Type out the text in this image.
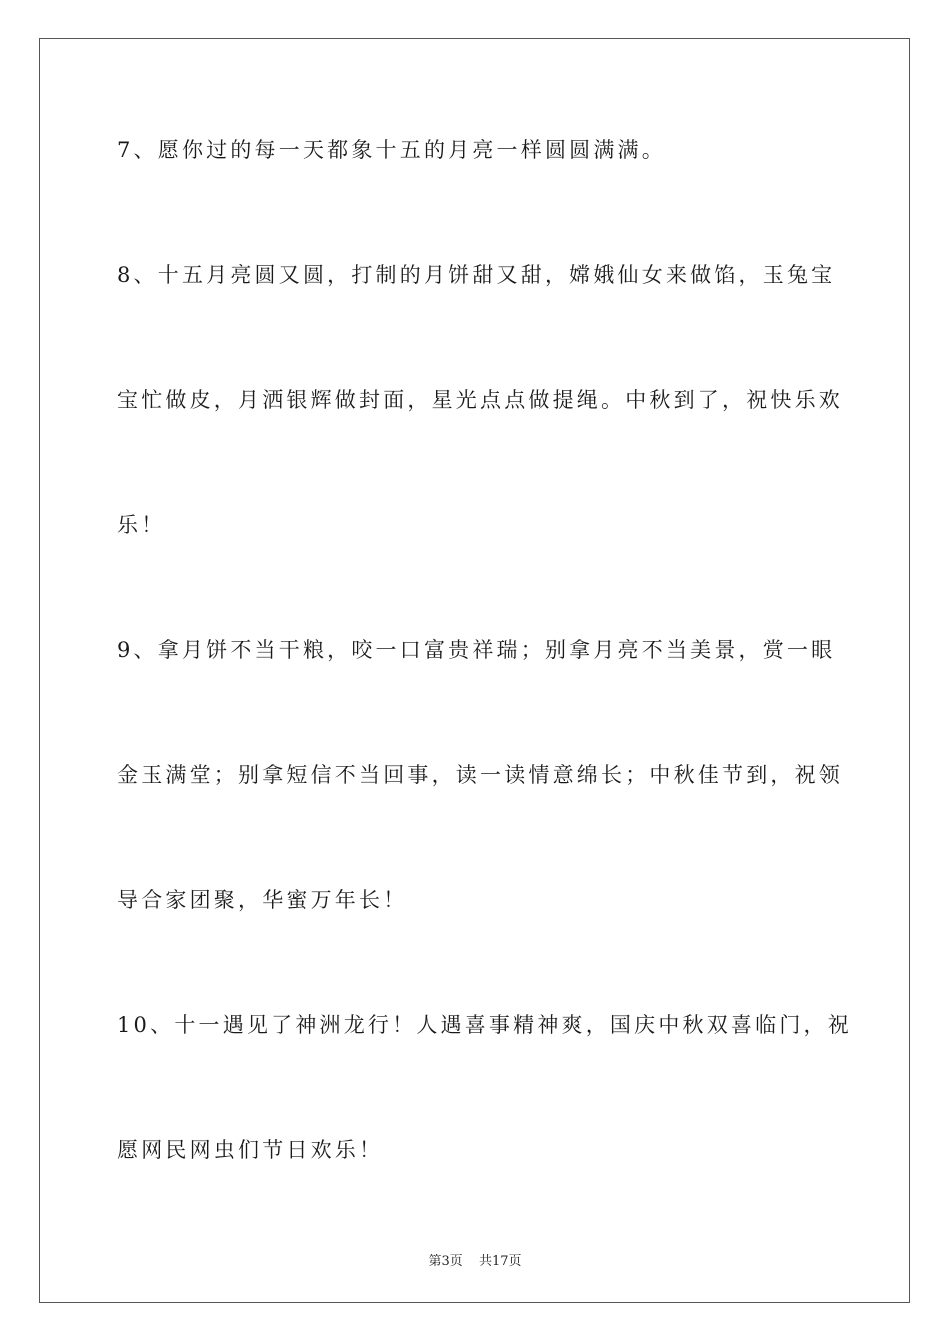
7、愿你过的每一天都象十五的月亮一样圆圆满满。
8、十五月亮圆又圆，打制的月饼甜又甜，嫦娥仙女来做馅，玉兔宝
宝忙做皮，月洒银辉做封面，星光点点做提绳。中秋到了，祝快乐欢
乐！
9、拿月饼不当干粮，咬一口富贵祥瑞；别拿月亮不当美景，赏一眼
金玉满堂；别拿短信不当回事，读一读情意绵长；中秋佳节到，祝领
导合家团聚，华蜜万年长！
10、十一遇见了神洲龙行！人遇喜事精神爽，国庆中秋双喜临门，祝
愿网民网虫们节日欢乐！
第3页 共17页
